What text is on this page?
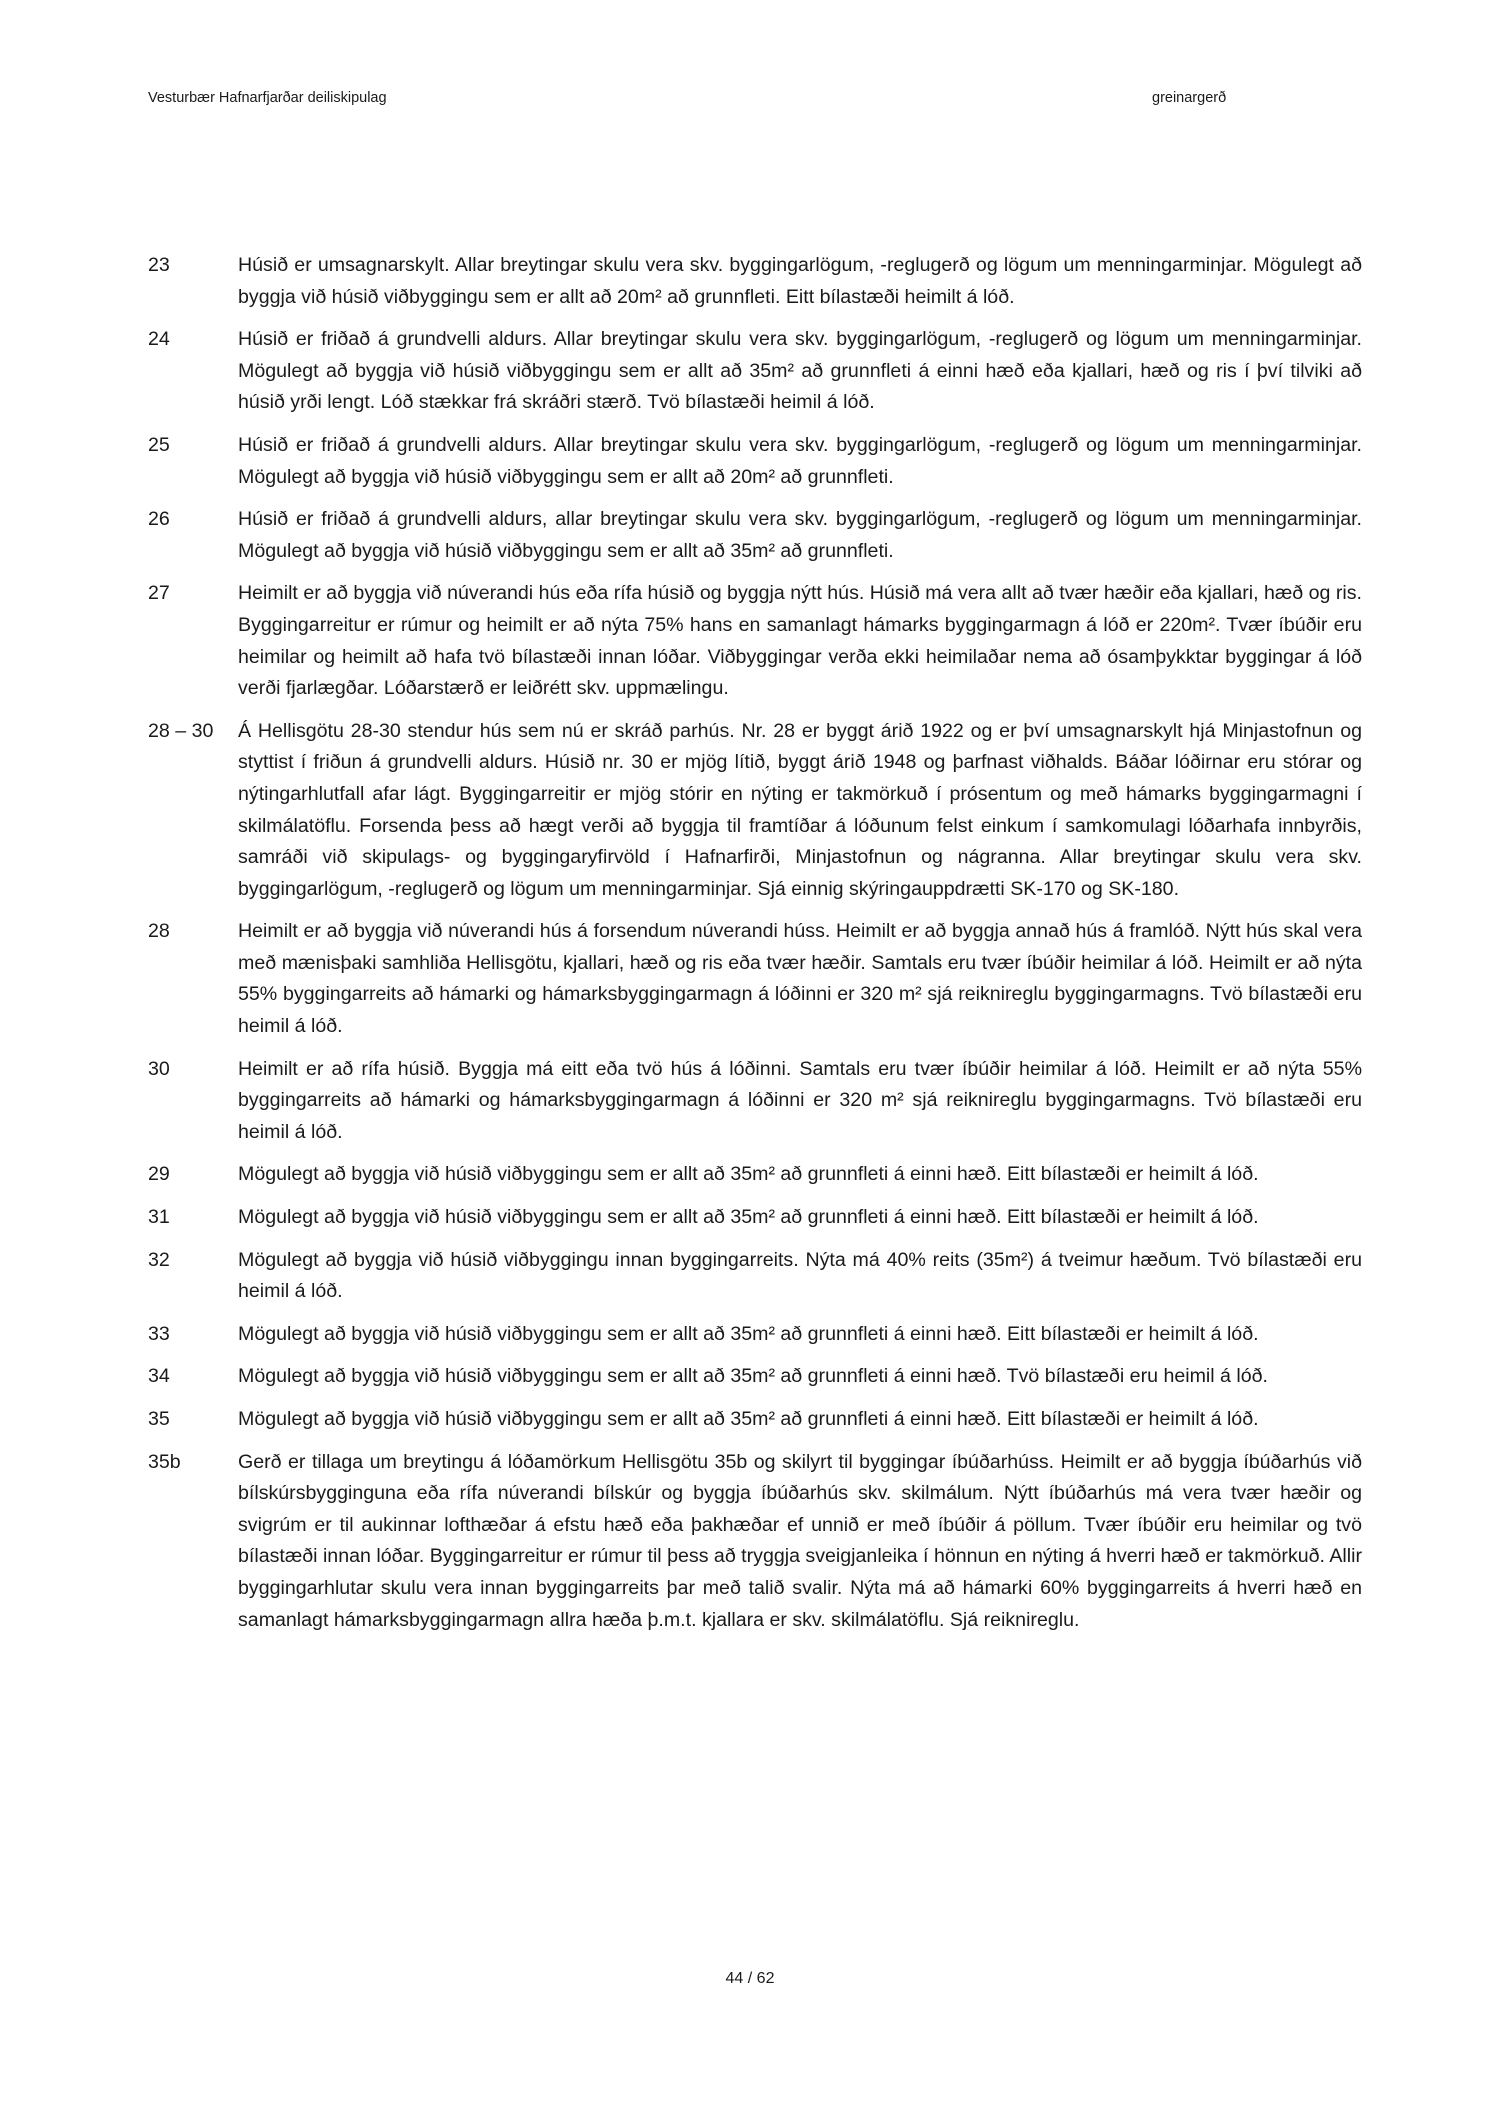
Vesturbær Hafnarfjarðar deiliskipulag	greinargerð
23	Húsið er umsagnarskylt. Allar breytingar skulu vera skv. byggingarlögum, -reglugerð og lögum um menningarminjar. Mögulegt að byggja við húsið viðbyggingu sem er allt að 20m² að grunnfleti. Eitt bílastæði heimilt á lóð.
24	Húsið er friðað á grundvelli aldurs. Allar breytingar skulu vera skv. byggingarlögum, -reglugerð og lögum um menningarminjar. Mögulegt að byggja við húsið viðbyggingu sem er allt að 35m² að grunnfleti á einni hæð eða kjallari, hæð og ris í því tilviki að húsið yrði lengt. Lóð stækkar frá skráðri stærð. Tvö bílastæði heimil á lóð.
25	Húsið er friðað á grundvelli aldurs. Allar breytingar skulu vera skv. byggingarlögum, -reglugerð og lögum um menningarminjar. Mögulegt að byggja við húsið viðbyggingu sem er allt að 20m² að grunnfleti.
26	Húsið er friðað á grundvelli aldurs, allar breytingar skulu vera skv. byggingarlögum, -reglugerð og lögum um menningarminjar. Mögulegt að byggja við húsið viðbyggingu sem er allt að 35m² að grunnfleti.
27	Heimilt er að byggja við núverandi hús eða rífa húsið og byggja nýtt hús. Húsið má vera allt að tvær hæðir eða kjallari, hæð og ris. Byggingarreitur er rúmur og heimilt er að nýta 75% hans en samanlagt hámarks byggingarmagn á lóð er 220m². Tvær íbúðir eru heimilar og heimilt að hafa tvö bílastæði innan lóðar. Viðbyggingar verða ekki heimilaðar nema að ósamþykktar byggingar á lóð verði fjarlægðar. Lóðarstærð er leiðrétt skv. uppmælingu.
28 – 30	Á Hellisgötu 28-30 stendur hús sem nú er skráð parhús. Nr. 28 er byggt árið 1922 og er því umsagnarskylt hjá Minjastofnun og styttist í friðun á grundvelli aldurs. Húsið nr. 30 er mjög lítið, byggt árið 1948 og þarfnast viðhalds. Báðar lóðirnar eru stórar og nýtingarhlutfall afar lágt. Byggingarreitir er mjög stórir en nýting er takmörkuð í prósentum og með hámarks byggingarmagni í skilmálatöflu. Forsenda þess að hægt verði að byggja til framtíðar á lóðunum felst einkum í samkomulagi lóðarhafa innbyrðis, samráði við skipulags- og byggingaryfirvöld í Hafnarfirði, Minjastofnun og nágranna. Allar breytingar skulu vera skv. byggingarlögum, -reglugerð og lögum um menningarminjar. Sjá einnig skýringauppdrætti SK-170 og SK-180.
28	Heimilt er að byggja við núverandi hús á forsendum núverandi húss. Heimilt er að byggja annað hús á framlóð. Nýtt hús skal vera með mænisþaki samhliða Hellisgötu, kjallari, hæð og ris eða tvær hæðir. Samtals eru tvær íbúðir heimilar á lóð. Heimilt er að nýta 55% byggingarreits að hámarki og hámarksbyggingarmagn á lóðinni er 320 m² sjá reiknireglu byggingarmagns. Tvö bílastæði eru heimil á lóð.
30	Heimilt er að rífa húsið. Byggja má eitt eða tvö hús á lóðinni. Samtals eru tvær íbúðir heimilar á lóð. Heimilt er að nýta 55% byggingarreits að hámarki og hámarksbyggingarmagn á lóðinni er 320 m² sjá reiknireglu byggingarmagns. Tvö bílastæði eru heimil á lóð.
29	Mögulegt að byggja við húsið viðbyggingu sem er allt að 35m² að grunnfleti á einni hæð. Eitt bílastæði er heimilt á lóð.
31	Mögulegt að byggja við húsið viðbyggingu sem er allt að 35m² að grunnfleti á einni hæð. Eitt bílastæði er heimilt á lóð.
32	Mögulegt að byggja við húsið viðbyggingu innan byggingarreits. Nýta má 40% reits (35m²) á tveimur hæðum. Tvö bílastæði eru heimil á lóð.
33	Mögulegt að byggja við húsið viðbyggingu sem er allt að 35m² að grunnfleti á einni hæð. Eitt bílastæði er heimilt á lóð.
34	Mögulegt að byggja við húsið viðbyggingu sem er allt að 35m² að grunnfleti á einni hæð. Tvö bílastæði eru heimil á lóð.
35	Mögulegt að byggja við húsið viðbyggingu sem er allt að 35m² að grunnfleti á einni hæð. Eitt bílastæði er heimilt á lóð.
35b	Gerð er tillaga um breytingu á lóðamörkum Hellisgötu 35b og skilyrt til byggingar íbúðarhúss. Heimilt er að byggja íbúðarhús við bílskúrsbygginguna eða rífa núverandi bílskúr og byggja íbúðarhús skv. skilmálum. Nýtt íbúðarhús má vera tvær hæðir og svigrúm er til aukinnar lofthæðar á efstu hæð eða þakhæðar ef unnið er með íbúðir á pöllum. Tvær íbúðir eru heimilar og tvö bílastæði innan lóðar. Byggingarreitur er rúmur til þess að tryggja sveigjanleika í hönnun en nýting á hverri hæð er takmörkuð. Allir byggingarhlutar skulu vera innan byggingarreits þar með talið svalir. Nýta má að hámarki 60% byggingarreits á hverri hæð en samanlagt hámarksbyggingarmagn allra hæða þ.m.t. kjallara er skv. skilmálatöflu. Sjá reiknireglu.
44 / 62
